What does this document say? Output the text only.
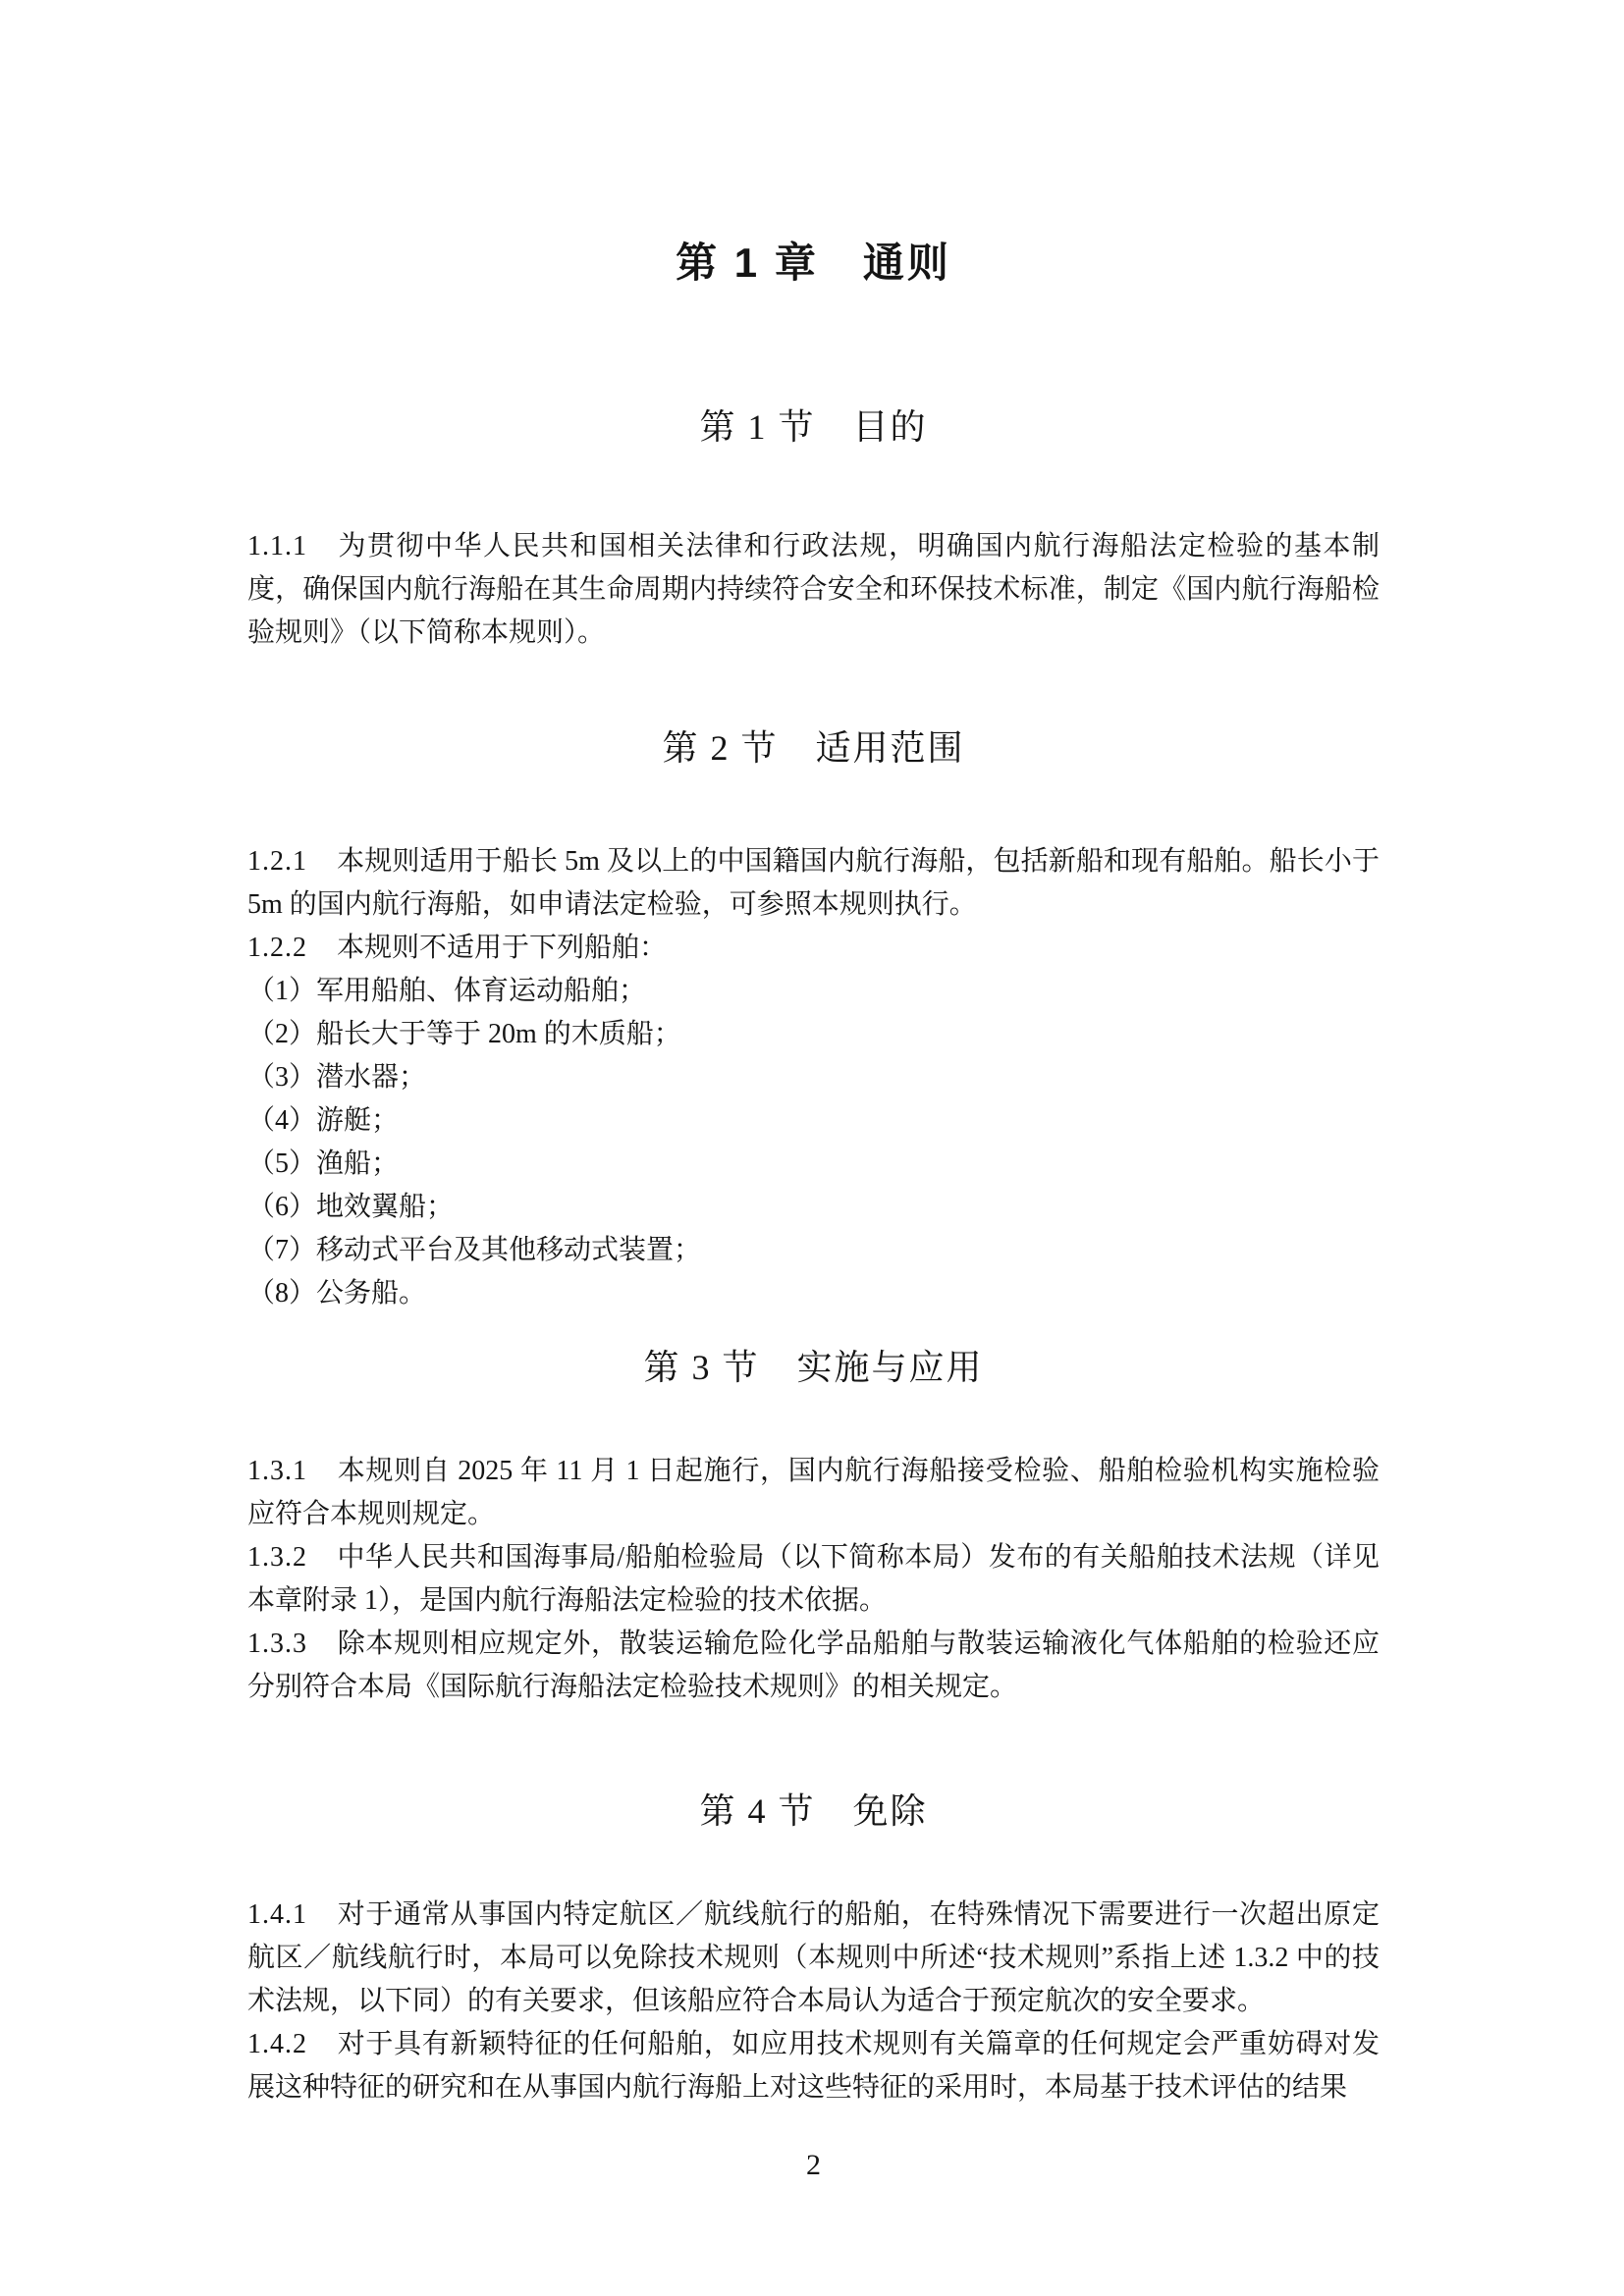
第 1 章　通则
第 1 节　目的

1.1.1 为贯彻中华人民共和国相关法律和行政法规，明确国内航行海船法定检验的基本制度，确保国内航行海船在其生命周期内持续符合安全和环保技术标准，制定《国内航行海船检验规则》（以下简称本规则）。

第 2 节　适用范围

1.2.1 本规则适用于船长 5m 及以上的中国籍国内航行海船，包括新船和现有船舶。船长小于 5m 的国内航行海船，如申请法定检验，可参照本规则执行。

1.2.2 本规则不适用于下列船舶：

（1）军用船舶、体育运动船舶；
（2）船长大于等于 20m 的木质船；
（3）潜水器；
（4）游艇；
（5）渔船；
（6）地效翼船；
（7）移动式平台及其他移动式装置；
（8）公务船。
第 3 节　实施与应用

1.3.1 本规则自 2025 年 11 月 1 日起施行，国内航行海船接受检验、船舶检验机构实施检验应符合本规则规定。

1.3.2 中华人民共和国海事局/船舶检验局（以下简称本局）发布的有关船舶技术法规（详见本章附录 1），是国内航行海船法定检验的技术依据。

1.3.3 除本规则相应规定外，散装运输危险化学品船舶与散装运输液化气体船舶的检验还应分别符合本局《国际航行海船法定检验技术规则》的相关规定。

第 4 节　免除

1.4.1 对于通常从事国内特定航区／航线航行的船舶，在特殊情况下需要进行一次超出原定航区／航线航行时，本局可以免除技术规则（本规则中所述“技术规则”系指上述 1.3.2 中的技术法规，以下同）的有关要求，但该船应符合本局认为适合于预定航次的安全要求。

1.4.2 对于具有新颖特征的任何船舶，如应用技术规则有关篇章的任何规定会严重妨碍对发展这种特征的研究和在从事国内航行海船上对这些特征的采用时，本局基于技术评估的结果

2
